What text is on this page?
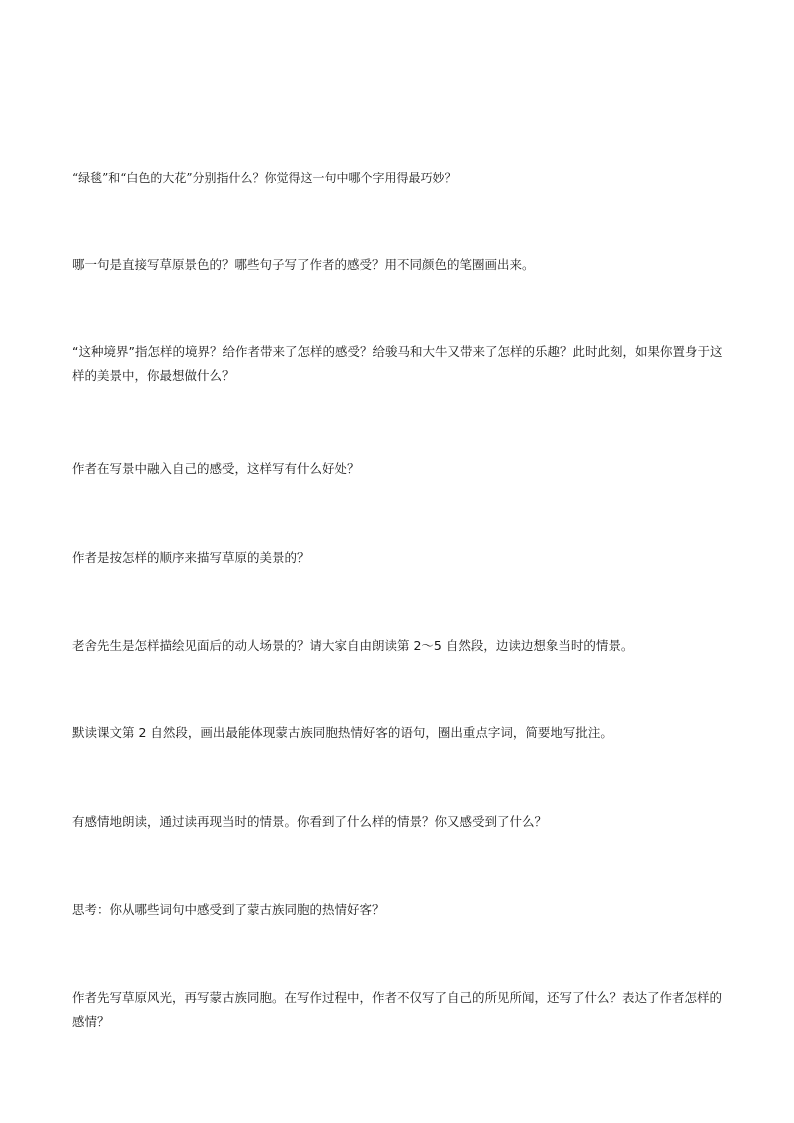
“绿毯”和“白色的大花”分别指什么？你觉得这一句中哪个字用得最巧妙？

哪一句是直接写草原景色的？哪些句子写了作者的感受？用不同颜色的笔圈画出来。

“这种境界”指怎样的境界？给作者带来了怎样的感受？给骏马和大牛又带来了怎样的乐趣？此时此刻，如果你置身于这样的美景中，你最想做什么？

作者在写景中融入自己的感受，这样写有什么好处？

作者是按怎样的顺序来描写草原的美景的？

老舍先生是怎样描绘见面后的动人场景的？请大家自由朗读第 2～5 自然段，边读边想象当时的情景。

默读课文第 2 自然段，画出最能体现蒙古族同胞热情好客的语句，圈出重点字词，简要地写批注。

有感情地朗读，通过读再现当时的情景。你看到了什么样的情景？你又感受到了什么？

思考：你从哪些词句中感受到了蒙古族同胞的热情好客？

作者先写草原风光，再写蒙古族同胞。在写作过程中，作者不仅写了自己的所见所闻，还写了什么？表达了作者怎样的感情？
